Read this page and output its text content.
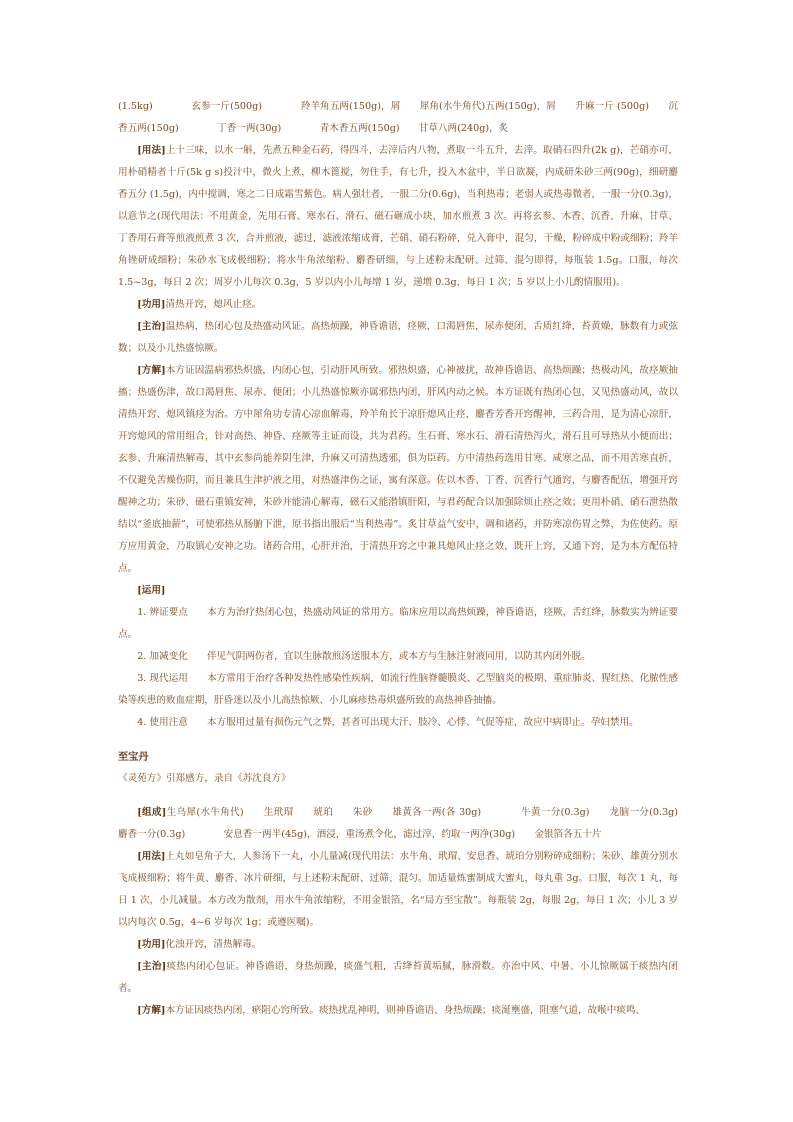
(1.5kg)　　　　玄参一斤(500g)　　　　羚羊角五两(150g)，屑　　犀角(水牛角代)五两(150g)，屑　　升麻一斤 (500g)　　沉香五两(150g)　　　　丁香一两(30g)　　　　青木香五两(150g)　　甘草八两(240g)，炙

[用法]上十三味，以水一斛，先煮五种金石药，得四斗，去滓后内八物，煮取一斗五升，去滓。取硝石四升(2k g)，芒硝亦可，用朴硝精者十斤(5k g s)投汁中，微火上煮，柳木篦搅，勿住手，有七升，投入木盆中，半日欲凝，内成研朱砂三两(90g)，细研麝香五分 (1.5g)，内中搅调，寒之二日成霜雪紫色。病人强壮者，一服二分(0.6g)，当利热毒；老弱人或热毒微者，一服一分(0.3g)，以意节之(现代用法：不用黄金，先用石膏、寒水石、滑石、磁石砸成小块，加水煎煮 3 次。再将玄参、木香、沉香、升麻、甘草、丁香用石膏等煎液煎煮 3 次，合并煎液，滤过，滤液浓缩成膏，芒硝、硝石粉碎，兑入膏中，混匀，干燥，粉碎成中粉或细粉；羚羊角锉研成细粉；朱砂水飞成极细粉；将水牛角浓缩粉、麝香研细，与上述粉末配研、过筛、混匀即得，每瓶装 1.5g。口服，每次 1.5~3g，每日 2 次；周岁小儿每次 0.3g，5 岁以内小儿每增 1 岁，递增 0.3g，每日 1 次；5 岁以上小儿酌情服用)。

[功用]清热开窍，熄风止痉。

[主治]温热病，热闭心包及热盛动风证。高热烦躁，神昏谵语，痉厥，口渴唇焦，尿赤便闭，舌质红绛，苔黄燥，脉数有力或弦数；以及小儿热盛惊厥。

[方解]本方证因温病邪热炽盛，内闭心包，引动肝风所致。邪热炽盛，心神被扰，故神昏谵语、高热烦躁；热极动风，故痉厥抽搐；热盛伤津，故口渴唇焦、尿赤、便闭；小儿热盛惊厥亦属邪热内闭，肝风内动之候。本方证既有热闭心包，又见热盛动风，故以清热开窍、熄风镇痉为治。方中犀角功专清心凉血解毒，羚羊角长于凉肝熄风止痉，麝香芳香开窍醒神，三药合用，是为清心凉肝，开窍熄风的常用组合，针对高热、神昏、痉厥等主证而设，共为君药。生石膏、寒水石、滑石清热泻火，滑石且可导热从小便而出；玄参、升麻清热解毒，其中玄参尚能养阴生津，升麻又可清热透邪，俱为臣药。方中清热药选用甘寒、咸寒之品，而不用苦寒直折，不仅避免苦燥伤阴，而且兼具生津护液之用，对热盛津伤之证，寓有深意。佐以木香、丁香、沉香行气通窍，与麝香配伍，增强开窍醒神之功；朱砂、磁石重镇安神，朱砂并能清心解毒，磁石又能潜镇肝阳，与君药配合以加强除烦止痉之效；更用朴硝、硝石泄热散结以“釜底抽薪”，可使邪热从肠腑下泄，原书指出服后“当利热毒”。炙甘草益气安中，调和诸药，并防寒凉伤胃之弊，为佐使药。原方应用黄金，乃取镇心安神之功。诸药合用，心肝并治，于清热开窍之中兼具熄风止痉之效，既开上窍，又通下窍，是为本方配伍特点。

[运用]

1. 辨证要点　　本方为治疗热闭心包，热盛动风证的常用方。临床应用以高热烦躁，神昏谵语，痉厥，舌红绛，脉数实为辨证要点。

2. 加减变化　　伴见气阴两伤者，宜以生脉散煎汤送服本方，或本方与生脉注射液同用，以防其内闭外脱。

3. 现代运用　　本方常用于治疗各种发热性感染性疾病，如流行性脑脊髓膜炎、乙型脑炎的极期、重症肺炎、猩红热、化脓性感染等疾患的败血症期，肝昏迷以及小儿高热惊厥、小儿麻疹热毒炽盛所致的高热神昏抽搐。

4. 使用注意　　本方服用过量有损伤元气之弊，甚者可出现大汗、肢冷、心悸、气促等症，故应中病即止。孕妇禁用。

至宝丹

《灵苑方》引郑感方，录自《苏沈良方》

[组成]生乌犀(水牛角代)　　生玳瑁　　琥珀　　朱砂　　雄黄各一两(各 30g)　　　　牛黄一分(0.3g)　　龙脑一分(0.3g)　　　　麝香一分(0.3g)　　　　安息香一两半(45g)，酒浸，重汤煮令化，滤过滓，约取一两净(30g)　　金银箔各五十片

[用法]上丸如皂角子大，人参汤下一丸，小儿量减(现代用法：水牛角、玳瑁、安息香、琥珀分别粉碎成细粉；朱砂、雄黄分别水飞成极细粉；将牛黄、麝香、冰片研细，与上述粉末配研、过筛、混匀。加适量炼蜜制成大蜜丸，每丸重 3g。口服，每次 1 丸，每日 1 次，小儿减量。本方改为散剂，用水牛角浓缩粉，不用金银箔，名“局方至宝散”。每瓶装 2g，每服 2g，每日 1 次；小儿 3 岁以内每次 0.5g，4~6 岁每次 1g；或遵医嘱)。

[功用]化浊开窍，清热解毒。

[主治]痰热内闭心包证。神昏谵语，身热烦躁，痰盛气粗，舌绛苔黄垢腻，脉滑数。亦治中风、中暑、小儿惊厥属于痰热内闭者。

[方解]本方证因痰热内闭，瘀阻心窍所致。痰热扰乱神明，则神昏谵语、身热烦躁；痰涎壅盛，阻塞气道，故喉中痰鸣、
